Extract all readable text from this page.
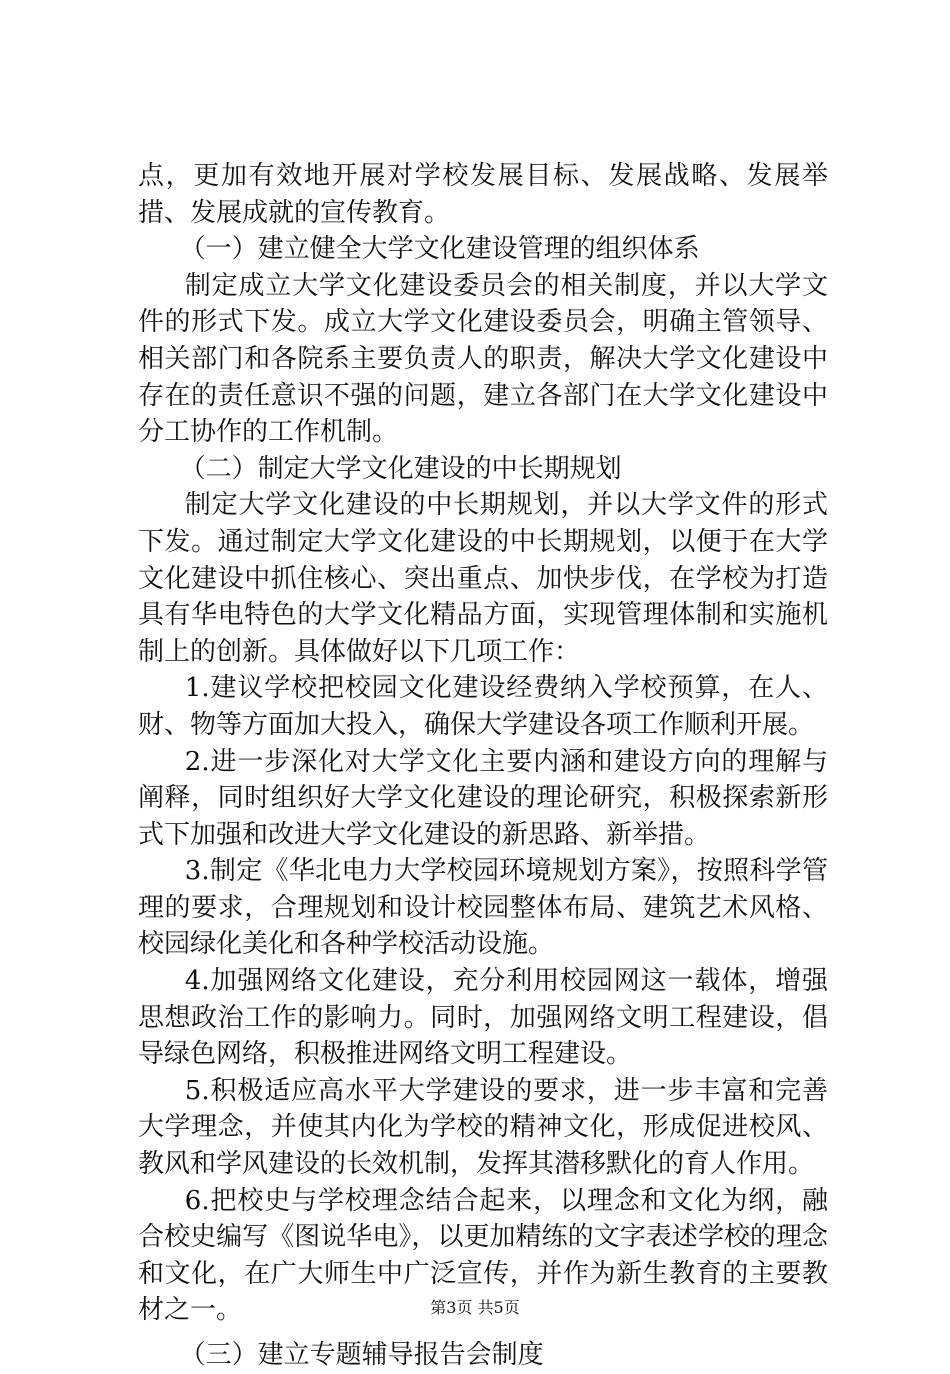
点，更加有效地开展对学校发展目标、发展战略、发展举措、发展成就的宣传教育。

（一）建立健全大学文化建设管理的组织体系

制定成立大学文化建设委员会的相关制度，并以大学文件的形式下发。成立大学文化建设委员会，明确主管领导、相关部门和各院系主要负责人的职责，解决大学文化建设中存在的责任意识不强的问题，建立各部门在大学文化建设中分工协作的工作机制。

（二）制定大学文化建设的中长期规划

制定大学文化建设的中长期规划，并以大学文件的形式下发。通过制定大学文化建设的中长期规划，以便于在大学文化建设中抓住核心、突出重点、加快步伐，在学校为打造具有华电特色的大学文化精品方面，实现管理体制和实施机制上的创新。具体做好以下几项工作：

1.建议学校把校园文化建设经费纳入学校预算，在人、财、物等方面加大投入，确保大学建设各项工作顺利开展。

2.进一步深化对大学文化主要内涵和建设方向的理解与阐释，同时组织好大学文化建设的理论研究，积极探索新形式下加强和改进大学文化建设的新思路、新举措。

3.制定《华北电力大学校园环境规划方案》，按照科学管理的要求，合理规划和设计校园整体布局、建筑艺术风格、校园绿化美化和各种学校活动设施。

4.加强网络文化建设，充分利用校园网这一载体，增强思想政治工作的影响力。同时，加强网络文明工程建设，倡导绿色网络，积极推进网络文明工程建设。

5.积极适应高水平大学建设的要求，进一步丰富和完善大学理念，并使其内化为学校的精神文化，形成促进校风、教风和学风建设的长效机制，发挥其潜移默化的育人作用。

6.把校史与学校理念结合起来，以理念和文化为纲，融合校史编写《图说华电》，以更加精练的文字表述学校的理念和文化，在广大师生中广泛宣传，并作为新生教育的主要教材之一。

（三）建立专题辅导报告会制度

第3页 共5页
